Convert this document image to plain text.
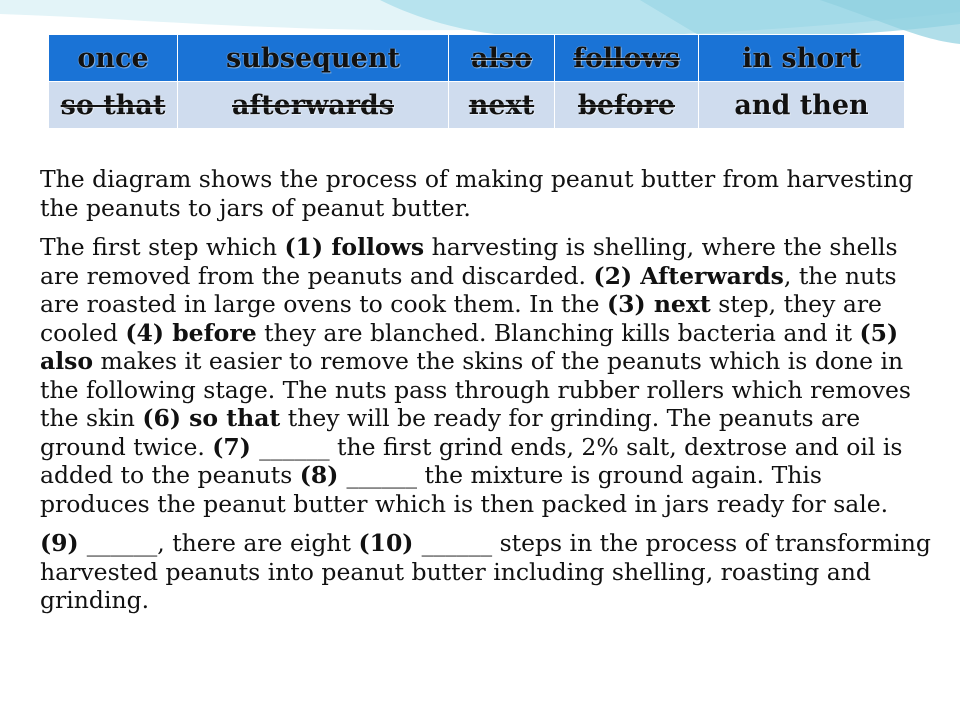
once	subsequent	also	follows	in short
so that	afterwards	next	before	and then

The diagram shows the process of making peanut butter from harvesting the peanuts to jars of peanut butter.

The first step which (1) follows harvesting is shelling, where the shells are removed from the peanuts and discarded. (2) Afterwards, the nuts are roasted in large ovens to cook them. In the (3) next step, they are cooled (4) before they are blanched. Blanching kills bacteria and it (5) also makes it easier to remove the skins of the peanuts which is done in the following stage. The nuts pass through rubber rollers which removes the skin (6) so that they will be ready for grinding. The peanuts are ground twice. (7) ______ the first grind ends, 2% salt, dextrose and oil is added to the peanuts (8) ______ the mixture is ground again. This produces the peanut butter which is then packed in jars ready for sale.

(9) ______, there are eight (10) ______ steps in the process of transforming harvested peanuts into peanut butter including shelling, roasting and grinding.
